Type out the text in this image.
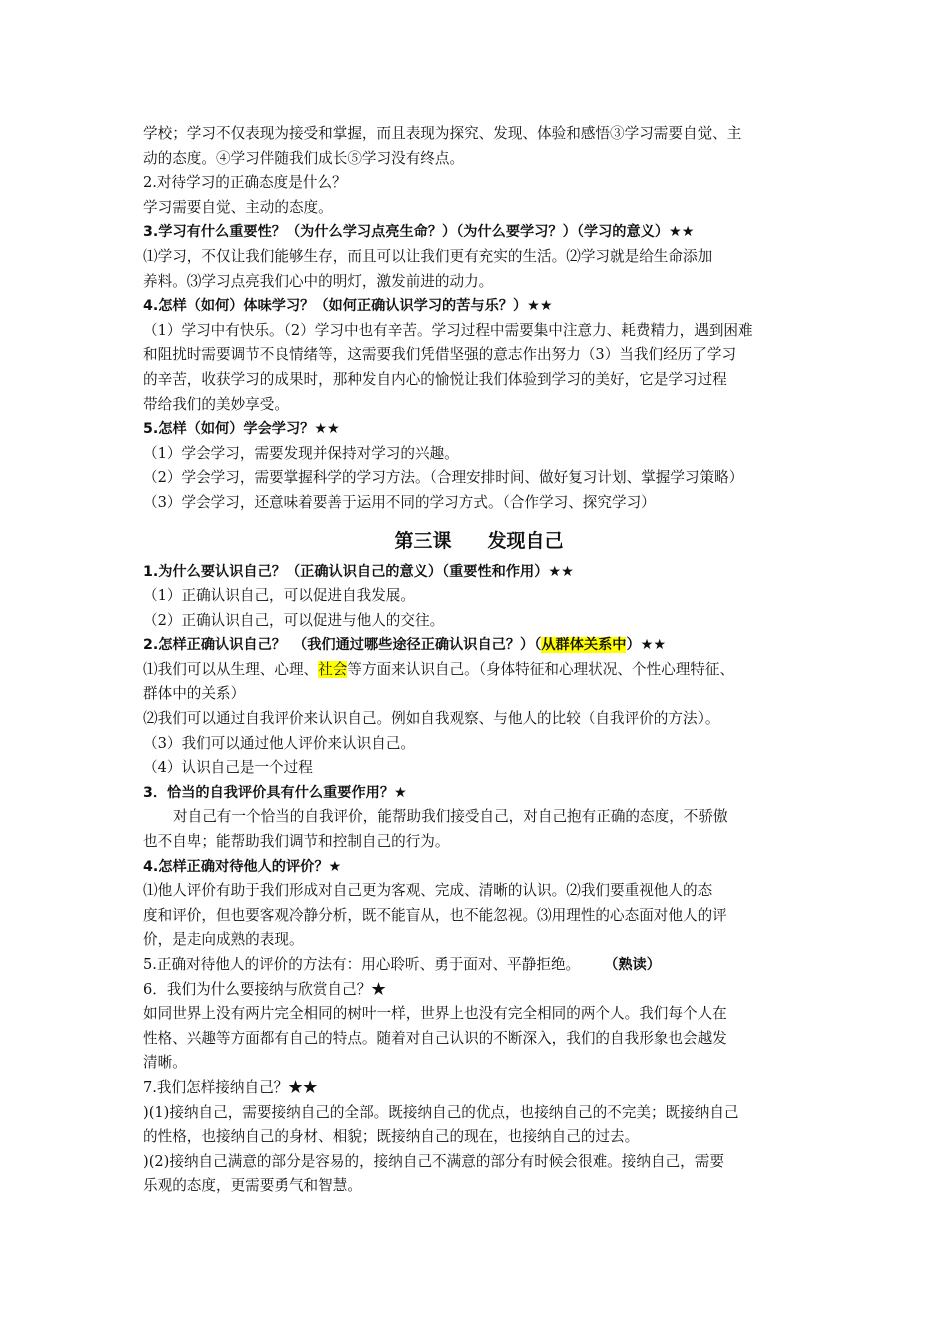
学校；学习不仅表现为接受和掌握，而且表现为探究、发现、体验和感悟③学习需要自觉、主
动的态度。④学习伴随我们成长⑤学习没有终点。
2.对待学习的正确态度是什么？
学习需要自觉、主动的态度。
3.学习有什么重要性？（为什么学习点亮生命？）（为什么要学习？）（学习的意义）★★
⑴学习，不仅让我们能够生存，而且可以让我们更有充实的生活。⑵学习就是给生命添加
养料。⑶学习点亮我们心中的明灯，激发前进的动力。
4.怎样（如何）体味学习？（如何正确认识学习的苦与乐？）★★
（1）学习中有快乐。（2）学习中也有辛苦。学习过程中需要集中注意力、耗费精力，遇到困难
和阻扰时需要调节不良情绪等，这需要我们凭借坚强的意志作出努力（3）当我们经历了学习
的辛苦，收获学习的成果时，那种发自内心的愉悦让我们体验到学习的美好，它是学习过程
带给我们的美妙享受。
5.怎样（如何）学会学习？★★
（1）学会学习，需要发现并保持对学习的兴趣。
（2）学会学习，需要掌握科学的学习方法。（合理安排时间、做好复习计划、掌握学习策略）
（3）学会学习，还意味着要善于运用不同的学习方式。（合作学习、探究学习）
第三课 发现自己
1.为什么要认识自己？（正确认识自己的意义）（重要性和作用）★★
（1）正确认识自己，可以促进自我发展。
（2）正确认识自己，可以促进与他人的交往。
2.怎样正确认识自己？　（我们通过哪些途径正确认识自己？）（从群体关系中）★★
⑴我们可以从生理、心理、社会等方面来认识自己。（身体特征和心理状况、个性心理特征、
群体中的关系）
⑵我们可以通过自我评价来认识自己。例如自我观察、与他人的比较（自我评价的方法）。
（3）我们可以通过他人评价来认识自己。
（4）认识自己是一个过程
3．恰当的自我评价具有什么重要作用？★
对自己有一个恰当的自我评价，能帮助我们接受自己，对自己抱有正确的态度，不骄傲
也不自卑；能帮助我们调节和控制自己的行为。
4.怎样正确对待他人的评价？★
⑴他人评价有助于我们形成对自己更为客观、完成、清晰的认识。⑵我们要重视他人的态
度和评价，但也要客观冷静分析，既不能盲从，也不能忽视。⑶用理性的心态面对他人的评
价，是走向成熟的表现。
5.正确对待他人的评价的方法有：用心聆听、勇于面对、平静拒绝。 （熟读）
6．我们为什么要接纳与欣赏自己？★
如同世界上没有两片完全相同的树叶一样，世界上也没有完全相同的两个人。我们每个人在
性格、兴趣等方面都有自己的特点。随着对自己认识的不断深入，我们的自我形象也会越发
清晰。
7.我们怎样接纳自己？★★
)(1)接纳自己，需要接纳自己的全部。既接纳自己的优点，也接纳自己的不完美；既接纳自己
的性格，也接纳自己的身材、相貌；既接纳自己的现在，也接纳自己的过去。
)(2)接纳自己满意的部分是容易的，接纳自己不满意的部分有时候会很难。接纳自己，需要
乐观的态度，更需要勇气和智慧。
